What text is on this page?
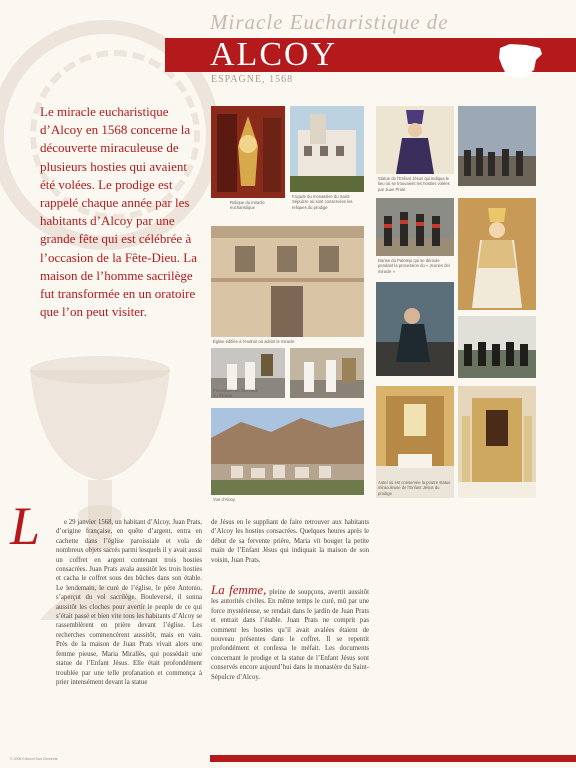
Miracle Eucharistique de
ALCOY
ESPAGNE, 1568
Le miracle eucharistique d’Alcoy en 1568 concerne la découverte miraculeuse de plusieurs hosties qui avaient été volées. Le prodige est rappelé chaque année par les habitants d’Alcoy par une grande fête qui est célébrée à l’occasion de la Fête-Dieu. La maison de l’homme sacrilège fut transformée en un oratoire que l’on peut visiter.
Relique du miracle eucharistique
Façade du monastère du Saint-Sépulcre où sont conservées les reliques du prodige
Statue de l’Enfant Jésus qui indiqua le lieu où se trouvaient les hosties volées par Juan Prats
Danse du Palotejo qui se déroule pendant la procession du « Jeunes del miracle »
Église édifiée à l’endroit où advint le miracle
Procession en l’honneur du miracle
Vue d’Alcoy
Autel où est conservée la poutre statue miraculeuse de l’Enfant Jésus du prodige
L	e 29 janvier 1568, un habitant d’Alcoy, Juan Prats, d’origine française, en quête d’argent, entra en cachette dans l’église paroissiale et vola de nombreux objets sacrés parmi lesquels il y avait aussi un coffret en argent contenant trois hosties consacrées. Juan Prats avala aussitôt les trois hosties et cacha le coffret sous des bûches dans son étable. Le lendemain, le curé de l’église, le père Antonio, s’aperçut du vol sacrilège. Bouleversé, il sonna aussitôt les cloches pour avertir le peuple de ce qui s’était passé et bien vite tous les habitants d’Alcoy se rassemblèrent en prière devant l’église. Les recherches commencèrent aussitôt, mais en vain. Près de la maison de Juan Prats vivait alors une femme pieuse, Maria Mirallès, qui possédait une statue de l’Enfant Jésus. Elle était profondément troublée par une telle profanation et commença à prier intensément devant la statue
de Jésus en le suppliant de faire retrouver aux habitants d’Alcoy les hosties consacrées. Quelques heures après le début de sa fervente prière, Maria vit bouger la petite main de l’Enfant Jésus qui indiquait la maison de son voisin, Juan Prats.
La femme, pleine de soupçons, avertit aussitôt les autorités civiles. En même temps le curé, mû par une force mystérieuse, se rendait dans le jardin de Juan Prats et entrait dans l’étable. Juan Prats ne comprit pas comment les hosties qu’il avait avalées étaient de nouveau présentes dans le coffret. Il se repentit profondément et confessa le méfait. Les documents concernant le prodige et la statue de l’Enfant Jésus sont conservés encore aujourd’hui dans le monastère du Saint-Sépulcre d’Alcoy.
© 2006 Edizioni San Clemente
